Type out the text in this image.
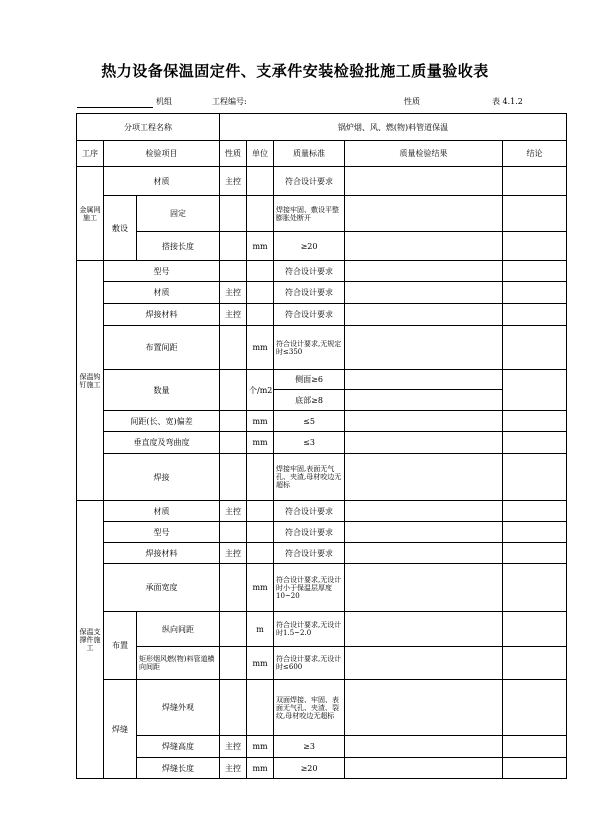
热力设备保温固定件、支承件安装检验批施工质量验收表
机组	工程编号:	性质	表 4.1.2
分项工程名称			锅炉烟、风、燃(物)料管道保温				
工序	检验项目		性质	单位	质量标准	质量检验结果	结论
金属网施工	材质		主控		符合设计要求		
	敷设	固定			焊接牢固、敷设平整膨胀处断开		
		搭接长度		mm	≥20		
保温钩钉施工	型号				符合设计要求		
	材质		主控		符合设计要求		
	焊接材料		主控		符合设计要求		
	布置间距			mm	符合设计要求,无规定时≤350		
	数量			个/m2	侧面≥6		
					底部≥8		
	间距(长、宽)偏差			mm	≤5		
	垂直度及弯曲度			mm	≤3		
	焊接				焊接牢固,表面无气孔、夹渣,母材咬边无超标		
保温支撑件施工	材质		主控		符合设计要求		
	型号				符合设计要求		
	焊接材料		主控		符合设计要求		
	承面宽度			mm	符合设计要求,无设计时小于保温层厚度10~20		
	布置	纵向间距		m	符合设计要求,无设计时1.5~2.0		
		矩形烟风燃(物)料管道横向间距		mm	符合设计要求,无设计时≤600		
	焊缝	焊缝外观			双面焊接、牢固、表面无气孔、夹渣、裂纹,母材咬边无超标		
		焊缝高度	主控	mm	≥3		
		焊缝长度	主控	mm	≥20		
